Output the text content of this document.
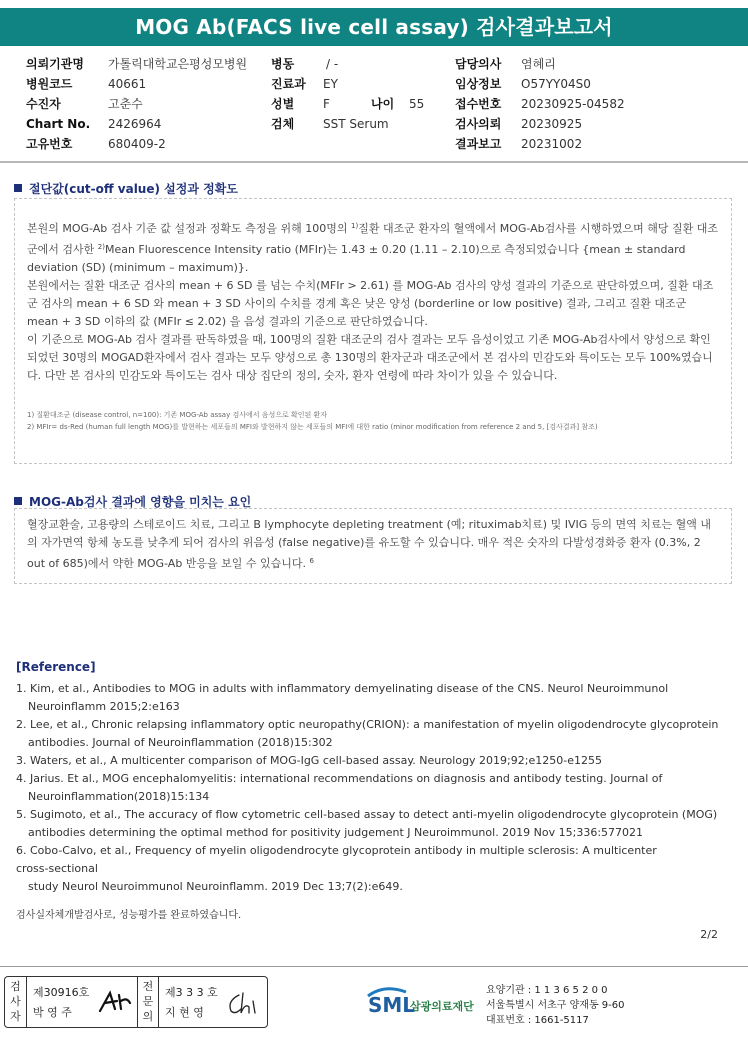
MOG Ab(FACS live cell assay) 검사결과보고서
의뢰기관명 가톨릭대학교은평성모병원
병원코드	40661
수진자	고춘수
Chart No. 2426964
고유번호	680409-2
병동	/ -
진료과 EY
성별 F	나이 55
검체 SST Serum
담당의사 염혜리
임상정보 O57YY04S0
접수번호 20230925-04582
검사의뢰 20230925
결과보고 20231002
절단값(cut-off value) 설정과 정확도

본원의 MOG-Ab 검사 기준 값 설정과 정확도 측정을 위해 100명의 $^{1)}$질환 대조군 환자의 혈액에서 MOG-Ab검사를 시행하였으며 해당 질환 대조군에서 검사한 $^{2)}$Mean Fluorescence Intensity ratio (MFIr)는 1.43 ± 0.20 (1.11 – 2.10)으로 측정되었습니다 {mean ± standard deviation (SD) (minimum – maximum)}.

본원에서는 질환 대조군 검사의 mean + 6 SD 를 넘는 수치(MFIr > 2.61) 를 MOG-Ab 검사의 양성 결과의 기준으로 판단하였으며, 질환 대조군 검사의 mean + 6 SD 와 mean + 3 SD 사이의 수치를 경계 혹은 낮은 양성 (borderline or low positive) 결과, 그리고 질환 대조군 mean + 3 SD 이하의 값 (MFIr ≤ 2.02) 을 음성 결과의 기준으로 판단하였습니다.

이 기준으로 MOG-Ab 검사 결과를 판독하였을 때, 100명의 질환 대조군의 검사 결과는 모두 음성이었고 기존 MOG-Ab검사에서 양성으로 확인되었던 30명의 MOGAD환자에서 검사 결과는 모두 양성으로 총 130명의 환자군과 대조군에서 본 검사의 민감도와 특이도는 모두 100%였습니다. 다만 본 검사의 민감도와 특이도는 검사 대상 집단의 정의, 숫자, 환자 연령에 따라 차이가 있을 수 있습니다.

1) 질환대조군 (disease control, n=100): 기존 MOG-Ab assay 검사에서 음성으로 확인된 환자

2) MFIr= ds-Red (human full length MOG)를 발현하는 세포들의 MFI와 발현하지 않는 세포들의 MFI에 대한 ratio (minor modification from reference 2 and 5, [검사결과] 참조)

MOG-Ab검사 결과에 영향을 미치는 요인

혈장교환술, 고용량의 스테로이드 치료, 그리고 B lymphocyte depleting treatment (예; rituximab치료) 및 IVIG 등의 면역 치료는 혈액 내의 자가면역 항체 농도를 낮추게 되어 검사의 위음성 (false negative)를 유도할 수 있습니다. 매우 적은 숫자의 다발성경화증 환자 (0.3%, 2 out of 685)에서 약한 MOG-Ab 반응을 보일 수 있습니다. $^6$

[Reference]
1. Kim, et al., Antibodies to MOG in adults with inflammatory demyelinating disease of the CNS. Neurol Neuroimmunol
Neuroinflamm 2015;2:e163
2. Lee, et al., Chronic relapsing inflammatory optic neuropathy(CRION): a manifestation of myelin oligodendrocyte glycoprotein
antibodies. Journal of Neuroinflammation (2018)15:302
3. Waters, et al., A multicenter comparison of MOG-IgG cell-based assay. Neurology 2019;92;e1250-e1255
4. Jarius. Et al., MOG encephalomyelitis: international recommendations on diagnosis and antibody testing. Journal of
Neuroinflammation(2018)15:134
5. Sugimoto, et al., The accuracy of flow cytometric cell-based assay to detect anti-myelin oligodendrocyte glycoprotein (MOG)
antibodies determining the optimal method for positivity judgement J Neuroimmunol. 2019 Nov 15;336:577021
6. Cobo-Calvo, et al., Frequency of myelin oligodendrocyte glycoprotein antibody in multiple sclerosis: A multicenter
cross-sectional
study Neurol Neuroimmunol Neuroinflamm. 2019 Dec 13;7(2):e649.
검사실자체개발검사로, 성능평가를 완료하였습니다.
2/2
검
사
자
제30916호
박 영 주
전
문
의
제3 3 3 호
지 현 영	SML
삼광의료재단
요양기관 : 1 1 3 6 5 2 0 0
서울특별시 서초구 양재동 9-60
대표번호 : 1661-5117
